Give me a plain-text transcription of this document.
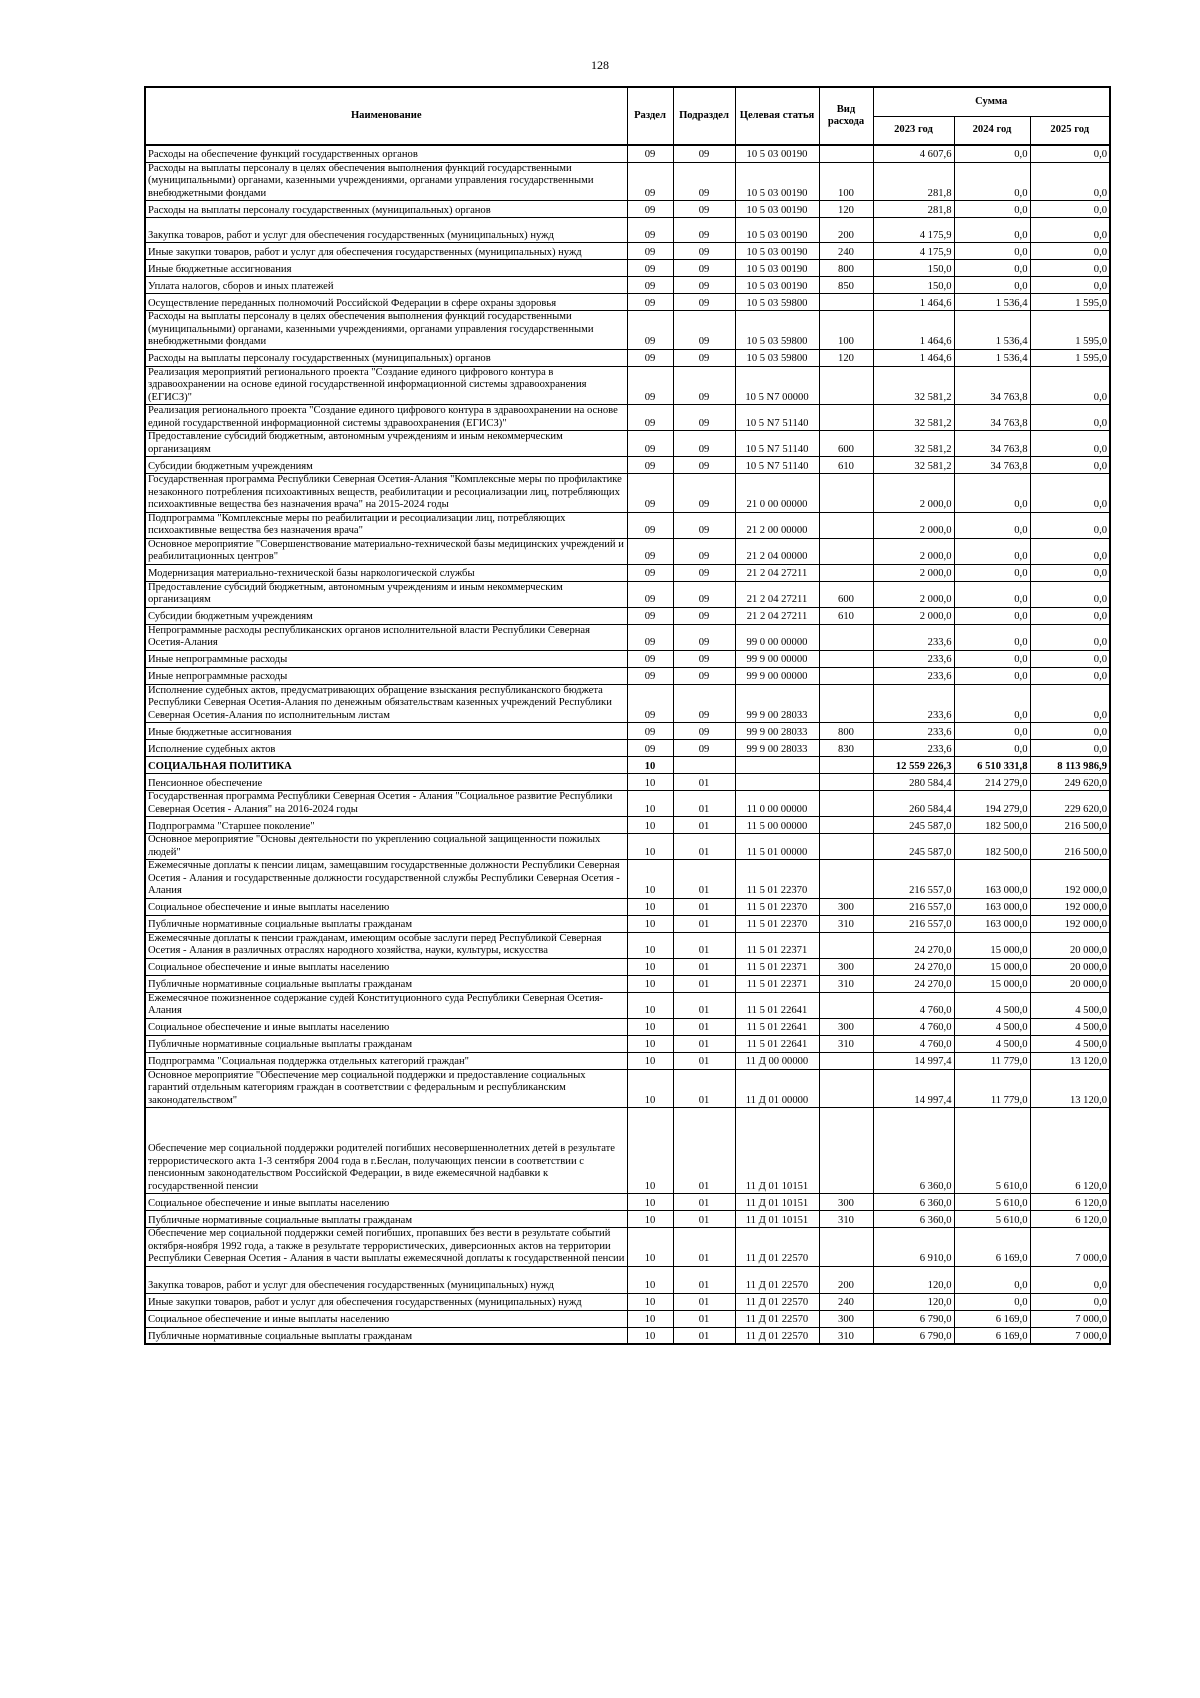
128
Наименование	Раздел	Подраздел	Целевая статья	Вид расхода	Сумма		
					2023 год	2024 год	2025 год
Расходы на обеспечение функций государственных органов	09	09	10 5 03 00190		4 607,6	0,0	0,0
Расходы на выплаты персоналу в целях обеспечения выполнения функций государственными (муниципальными) органами, казенными учреждениями, органами управления государственными внебюджетными фондами	09	09	10 5 03 00190	100	281,8	0,0	0,0
Расходы на выплаты персоналу государственных (муниципальных) органов	09	09	10 5 03 00190	120	281,8	0,0	0,0
Закупка товаров, работ и услуг для обеспечения государственных (муниципальных) нужд	09	09	10 5 03 00190	200	4 175,9	0,0	0,0
Иные закупки товаров, работ и услуг для обеспечения государственных (муниципальных) нужд	09	09	10 5 03 00190	240	4 175,9	0,0	0,0
Иные бюджетные ассигнования	09	09	10 5 03 00190	800	150,0	0,0	0,0
Уплата налогов, сборов и иных платежей	09	09	10 5 03 00190	850	150,0	0,0	0,0
Осуществление переданных полномочий Российской Федерации в сфере охраны здоровья	09	09	10 5 03 59800		1 464,6	1 536,4	1 595,0
Расходы на выплаты персоналу в целях обеспечения выполнения функций государственными (муниципальными) органами, казенными учреждениями, органами управления государственными внебюджетными фондами	09	09	10 5 03 59800	100	1 464,6	1 536,4	1 595,0
Расходы на выплаты персоналу государственных (муниципальных) органов	09	09	10 5 03 59800	120	1 464,6	1 536,4	1 595,0
Реализация мероприятий регионального проекта "Создание единого цифрового контура в здравоохранении на основе единой государственной информационной системы здравоохранения (ЕГИСЗ)"	09	09	10 5 N7 00000		32 581,2	34 763,8	0,0
Реализация регионального проекта "Создание единого цифрового контура в здравоохранении на основе единой государственной информационной системы здравоохранения (ЕГИСЗ)"	09	09	10 5 N7 51140		32 581,2	34 763,8	0,0
Предоставление субсидий бюджетным, автономным учреждениям и иным некоммерческим организациям	09	09	10 5 N7 51140	600	32 581,2	34 763,8	0,0
Субсидии бюджетным учреждениям	09	09	10 5 N7 51140	610	32 581,2	34 763,8	0,0
Государственная программа Республики Северная Осетия-Алания "Комплексные меры по профилактике незаконного потребления психоактивных веществ, реабилитации и ресоциализации лиц, потребляющих психоактивные вещества без назначения врача" на 2015-2024 годы	09	09	21 0 00 00000		2 000,0	0,0	0,0
Подпрограмма "Комплексные меры по реабилитации и ресоциализации лиц, потребляющих психоактивные вещества без назначения врача"	09	09	21 2 00 00000		2 000,0	0,0	0,0
Основное мероприятие "Совершенствование материально-технической базы медицинских учреждений и реабилитационных центров"	09	09	21 2 04 00000		2 000,0	0,0	0,0
Модернизация материально-технической базы наркологической службы	09	09	21 2 04 27211		2 000,0	0,0	0,0
Предоставление субсидий бюджетным, автономным учреждениям и иным некоммерческим организациям	09	09	21 2 04 27211	600	2 000,0	0,0	0,0
Субсидии бюджетным учреждениям	09	09	21 2 04 27211	610	2 000,0	0,0	0,0
Непрограммные расходы республиканских органов исполнительной власти Республики Северная Осетия-Алания	09	09	99 0 00 00000		233,6	0,0	0,0
Иные непрограммные расходы	09	09	99 9 00 00000		233,6	0,0	0,0
Иные непрограммные расходы	09	09	99 9 00 00000		233,6	0,0	0,0
Исполнение судебных актов, предусматривающих обращение взыскания республиканского бюджета Республики Северная Осетия-Алания по денежным обязательствам казенных учреждений Республики Северная Осетия-Алания по исполнительным листам	09	09	99 9 00 28033		233,6	0,0	0,0
Иные бюджетные ассигнования	09	09	99 9 00 28033	800	233,6	0,0	0,0
Исполнение судебных актов	09	09	99 9 00 28033	830	233,6	0,0	0,0
СОЦИАЛЬНАЯ ПОЛИТИКА	10				12 559 226,3	6 510 331,8	8 113 986,9
Пенсионное обеспечение	10	01			280 584,4	214 279,0	249 620,0
Государственная программа Республики Северная Осетия - Алания "Социальное развитие Республики Северная Осетия - Алания" на 2016-2024 годы	10	01	11 0 00 00000		260 584,4	194 279,0	229 620,0
Подпрограмма "Старшее поколение"	10	01	11 5 00 00000		245 587,0	182 500,0	216 500,0
Основное мероприятие "Основы деятельности по укреплению социальной защищенности пожилых людей"	10	01	11 5 01 00000		245 587,0	182 500,0	216 500,0
Ежемесячные доплаты к пенсии лицам, замещавшим государственные должности Республики Северная Осетия - Алания и государственные должности государственной службы Республики Северная Осетия - Алания	10	01	11 5 01 22370		216 557,0	163 000,0	192 000,0
Социальное обеспечение и иные выплаты населению	10	01	11 5 01 22370	300	216 557,0	163 000,0	192 000,0
Публичные нормативные социальные выплаты гражданам	10	01	11 5 01 22370	310	216 557,0	163 000,0	192 000,0
Ежемесячные доплаты к пенсии гражданам, имеющим особые заслуги перед Республикой Северная Осетия - Алания в различных отраслях народного хозяйства, науки, культуры, искусства	10	01	11 5 01 22371		24 270,0	15 000,0	20 000,0
Социальное обеспечение и иные выплаты населению	10	01	11 5 01 22371	300	24 270,0	15 000,0	20 000,0
Публичные нормативные социальные выплаты гражданам	10	01	11 5 01 22371	310	24 270,0	15 000,0	20 000,0
Ежемесячное пожизненное содержание судей Конституционного суда Республики Северная Осетия-Алания	10	01	11 5 01 22641		4 760,0	4 500,0	4 500,0
Социальное обеспечение и иные выплаты населению	10	01	11 5 01 22641	300	4 760,0	4 500,0	4 500,0
Публичные нормативные социальные выплаты гражданам	10	01	11 5 01 22641	310	4 760,0	4 500,0	4 500,0
Подпрограмма "Социальная поддержка отдельных категорий граждан"	10	01	11 Д 00 00000		14 997,4	11 779,0	13 120,0
Основное мероприятие "Обеспечение мер социальной поддержки и предоставление социальных гарантий отдельным категориям граждан в соответствии с федеральным и республиканским законодательством"	10	01	11 Д 01 00000		14 997,4	11 779,0	13 120,0
Обеспечение мер социальной поддержки родителей погибших несовершеннолетних детей в результате террористического акта 1-3 сентября 2004 года в г.Беслан, получающих пенсии в соответствии с пенсионным законодательством Российской Федерации, в виде ежемесячной надбавки к государственной пенсии	10	01	11 Д 01 10151		6 360,0	5 610,0	6 120,0
Социальное обеспечение и иные выплаты населению	10	01	11 Д 01 10151	300	6 360,0	5 610,0	6 120,0
Публичные нормативные социальные выплаты гражданам	10	01	11 Д 01 10151	310	6 360,0	5 610,0	6 120,0
Обеспечение мер социальной поддержки семей погибших, пропавших без вести в результате событий октября-ноября 1992 года, а также в результате террористических, диверсионных актов на территории Республики Северная Осетия - Алания в части выплаты ежемесячной доплаты к государственной пенсии	10	01	11 Д 01 22570		6 910,0	6 169,0	7 000,0
Закупка товаров, работ и услуг для обеспечения государственных (муниципальных) нужд	10	01	11 Д 01 22570	200	120,0	0,0	0,0
Иные закупки товаров, работ и услуг для обеспечения государственных (муниципальных) нужд	10	01	11 Д 01 22570	240	120,0	0,0	0,0
Социальное обеспечение и иные выплаты населению	10	01	11 Д 01 22570	300	6 790,0	6 169,0	7 000,0
Публичные нормативные социальные выплаты гражданам	10	01	11 Д 01 22570	310	6 790,0	6 169,0	7 000,0
